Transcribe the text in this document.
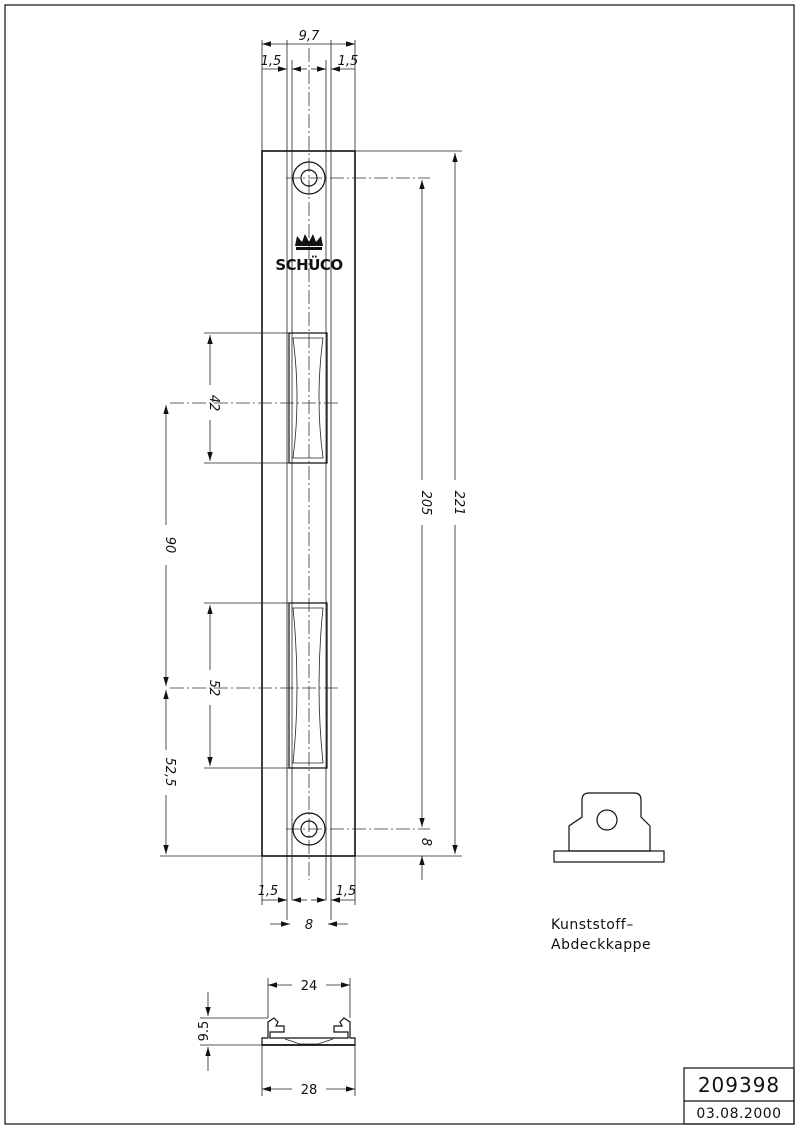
SCHÜCO
9,7
1,5	1,5
221
205
8
42
52
90
52,5
1,5	1,5
8	Kunststoff–
Abdeckkappe
24
9.5
28	209398
03.08.2000
